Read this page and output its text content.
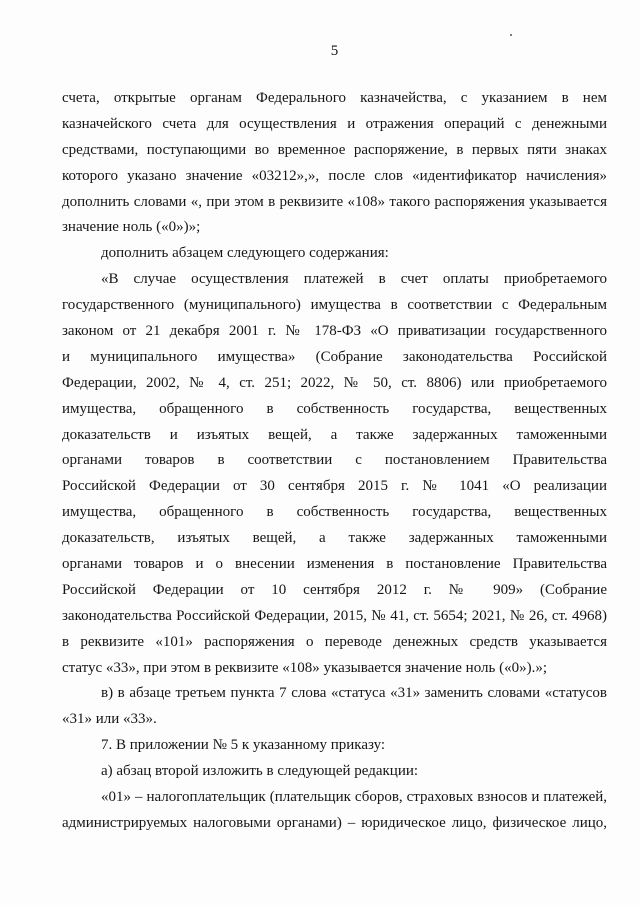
5
счета, открытые органам Федерального казначейства, с указанием в нем
казначейского счета для осуществления и отражения операций с денежными
средствами, поступающими во временное распоряжение, в первых пяти знаках
которого указано значение «03212»,», после слов «идентификатор начисления»
дополнить словами «, при этом в реквизите «108» такого распоряжения указывается
значение ноль («0»)»;
дополнить абзацем следующего содержания:
«В случае осуществления платежей в счет оплаты приобретаемого
государственного (муниципального) имущества в соответствии с Федеральным
законом от 21 декабря 2001 г. № 178-ФЗ «О приватизации государственного
и муниципального имущества» (Собрание законодательства Российской
Федерации, 2002, № 4, ст. 251; 2022, № 50, ст. 8806) или приобретаемого
имущества, обращенного в собственность государства, вещественных
доказательств и изъятых вещей, а также задержанных таможенными
органами товаров в соответствии с постановлением Правительства
Российской Федерации от 30 сентября 2015 г. № 1041 «О реализации
имущества, обращенного в собственность государства, вещественных
доказательств, изъятых вещей, а также задержанных таможенными
органами товаров и о внесении изменения в постановление Правительства
Российской Федерации от 10 сентября 2012 г. № 909» (Собрание
законодательства Российской Федерации, 2015, № 41, ст. 5654; 2021, № 26, ст. 4968)
в реквизите «101» распоряжения о переводе денежных средств указывается
статус «33», при этом в реквизите «108» указывается значение ноль («0»).»;
в) в абзаце третьем пункта 7 слова «статуса «31» заменить словами «статусов
«31» или «33».
7. В приложении № 5 к указанному приказу:
а) абзац второй изложить в следующей редакции:
«01» – налогоплательщик (плательщик сборов, страховых взносов и платежей,
администрируемых налоговыми органами) – юридическое лицо, физическое лицо,
